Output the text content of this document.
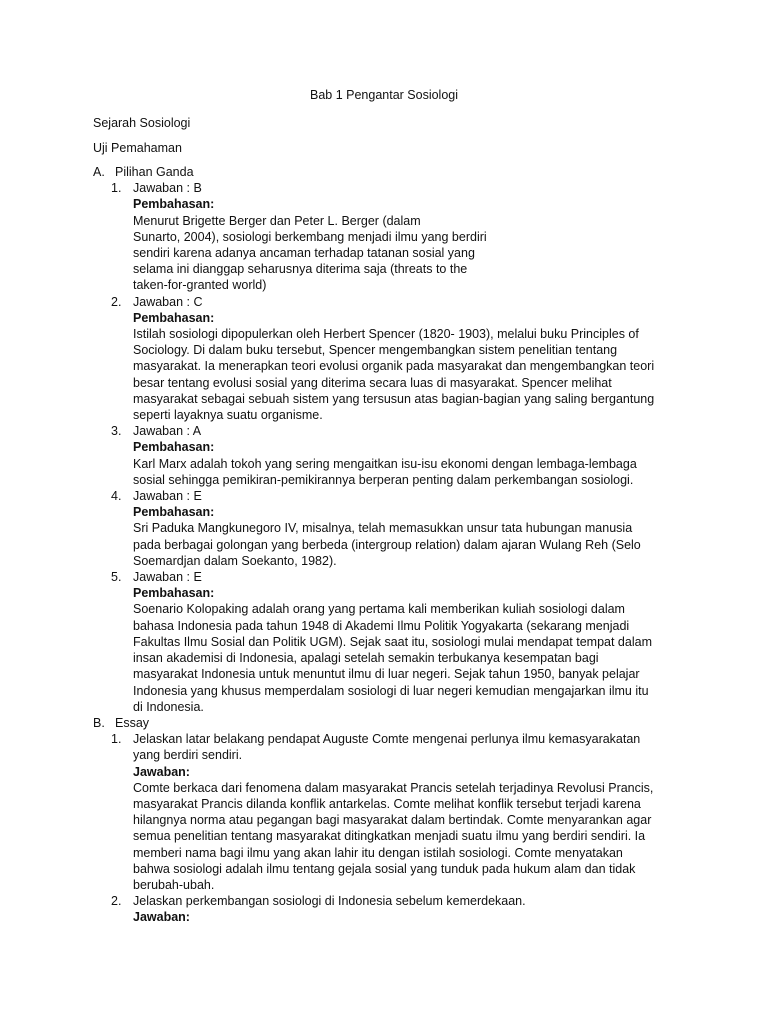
Bab 1 Pengantar Sosiologi
Sejarah Sosiologi
Uji Pemahaman
A. Pilihan Ganda
1. Jawaban : B
Pembahasan:
Menurut Brigette Berger dan Peter L. Berger (dalam
Sunarto, 2004), sosiologi berkembang menjadi ilmu yang berdiri
sendiri karena adanya ancaman terhadap tatanan sosial yang
selama ini dianggap seharusnya diterima saja (threats to the
taken-for-granted world)
2. Jawaban : C
Pembahasan:
Istilah sosiologi dipopulerkan oleh Herbert Spencer (1820- 1903), melalui buku Principles of
Sociology. Di dalam buku tersebut, Spencer mengembangkan sistem penelitian tentang
masyarakat. Ia menerapkan teori evolusi organik pada masyarakat dan mengembangkan teori
besar tentang evolusi sosial yang diterima secara luas di masyarakat. Spencer melihat
masyarakat sebagai sebuah sistem yang tersusun atas bagian-bagian yang saling bergantung
seperti layaknya suatu organisme.
3. Jawaban : A
Pembahasan:
Karl Marx adalah tokoh yang sering mengaitkan isu-isu ekonomi dengan lembaga-lembaga
sosial sehingga pemikiran-pemikirannya berperan penting dalam perkembangan sosiologi.
4. Jawaban : E
Pembahasan:
Sri Paduka Mangkunegoro IV, misalnya, telah memasukkan unsur tata hubungan manusia
pada berbagai golongan yang berbeda (intergroup relation) dalam ajaran Wulang Reh (Selo
Soemardjan dalam Soekanto, 1982).
5. Jawaban : E
Pembahasan:
Soenario Kolopaking adalah orang yang pertama kali memberikan kuliah sosiologi dalam
bahasa Indonesia pada tahun 1948 di Akademi Ilmu Politik Yogyakarta (sekarang menjadi
Fakultas Ilmu Sosial dan Politik UGM). Sejak saat itu, sosiologi mulai mendapat tempat dalam
insan akademisi di Indonesia, apalagi setelah semakin terbukanya kesempatan bagi
masyarakat Indonesia untuk menuntut ilmu di luar negeri. Sejak tahun 1950, banyak pelajar
Indonesia yang khusus memperdalam sosiologi di luar negeri kemudian mengajarkan ilmu itu
di Indonesia.
B. Essay
1. Jelaskan latar belakang pendapat Auguste Comte mengenai perlunya ilmu kemasyarakatan
yang berdiri sendiri.
Jawaban:
Comte berkaca dari fenomena dalam masyarakat Prancis setelah terjadinya Revolusi Prancis,
masyarakat Prancis dilanda konflik antarkelas. Comte melihat konflik tersebut terjadi karena
hilangnya norma atau pegangan bagi masyarakat dalam bertindak. Comte menyarankan agar
semua penelitian tentang masyarakat ditingkatkan menjadi suatu ilmu yang berdiri sendiri. Ia
memberi nama bagi ilmu yang akan lahir itu dengan istilah sosiologi. Comte menyatakan
bahwa sosiologi adalah ilmu tentang gejala sosial yang tunduk pada hukum alam dan tidak
berubah-ubah.
2. Jelaskan perkembangan sosiologi di Indonesia sebelum kemerdekaan.
Jawaban:
